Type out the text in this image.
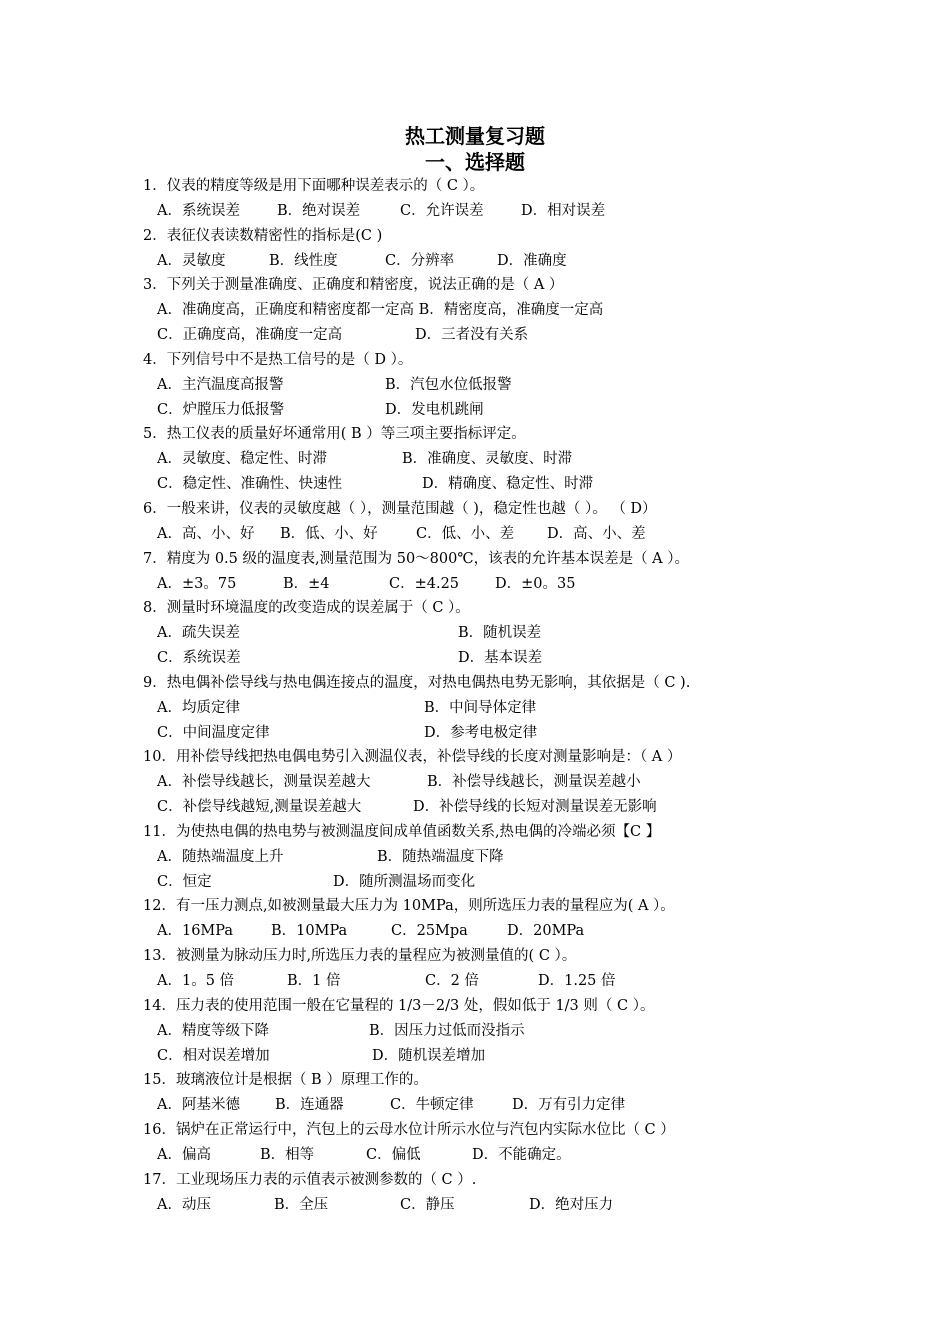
热工测量复习题
一、选择题
1．仪表的精度等级是用下面哪种误差表示的（ C ）。
A．系统误差	B．绝对误差	C．允许误差	D．相对误差
2．表征仪表读数精密性的指标是(C )
A．灵敏度	B．线性度	C．分辨率	D．准确度
3．下列关于测量准确度、正确度和精密度，说法正确的是（ A ）
A．准确度高，正确度和精密度都一定高 B．精密度高，准确度一定高
C．正确度高，准确度一定高	D．三者没有关系
4．下列信号中不是热工信号的是（ D ）。
A．主汽温度高报警	B．汽包水位低报警
C．炉膛压力低报警	D．发电机跳闸
5．热工仪表的质量好坏通常用( B ）等三项主要指标评定。
A．灵敏度、稳定性、时滞	B．准确度、灵敏度、时滞
C．稳定性、准确性、快速性	D．精确度、稳定性、时滞
6．一般来讲，仪表的灵敏度越（ ），测量范围越（ )，稳定性也越（ ）。 （ D）
A．高、小、好 B．低、小、好	C．低、小、差 D．高、小、差
7．精度为 0.5 级的温度表,测量范围为 50～800℃，该表的允许基本误差是（ A ）。
A．±3。75	B．±4	C．±4.25 D．±0。35
8．测量时环境温度的改变造成的误差属于（ C ）。
A．疏失误差	B．随机误差
C．系统误差	D．基本误差
9．热电偶补偿导线与热电偶连接点的温度，对热电偶热电势无影响，其依据是（ C ).
A．均质定律	B．中间导体定律
C．中间温度定律	D．参考电极定律
10．用补偿导线把热电偶电势引入测温仪表，补偿导线的长度对测量影响是：（ A ）
A．补偿导线越长，测量误差越大	B．补偿导线越长，测量误差越小
C．补偿导线越短,测量误差越大	D．补偿导线的长短对测量误差无影响
11．为使热电偶的热电势与被测温度间成单值函数关系,热电偶的冷端必须【C 】
A．随热端温度上升	B．随热端温度下降
C．恒定	D．随所测温场而变化
12．有一压力测点,如被测量最大压力为 10MPa，则所选压力表的量程应为( A ）。
A．16MPa	B．10MPa	C．25Mpa	D．20MPa
13．被测量为脉动压力时,所选压力表的量程应为被测量值的( C ）。
A．1。5 倍	B．1 倍	C．2 倍	D．1.25 倍
14．压力表的使用范围一般在它量程的 1/3－2/3 处，假如低于 1/3 则（ C ）。
A．精度等级下降	B．因压力过低而没指示
C．相对误差增加	D．随机误差增加
15．玻璃液位计是根据（ B ）原理工作的。
A．阿基米德 B．连通器	C．牛顿定律	D．万有引力定律
16．锅炉在正常运行中，汽包上的云母水位计所示水位与汽包内实际水位比（ C ）
A．偏高	B．相等	C．偏低	D．不能确定。
17．工业现场压力表的示值表示被测参数的（ C ）.
A．动压	B．全压	C．静压	D．绝对压力
